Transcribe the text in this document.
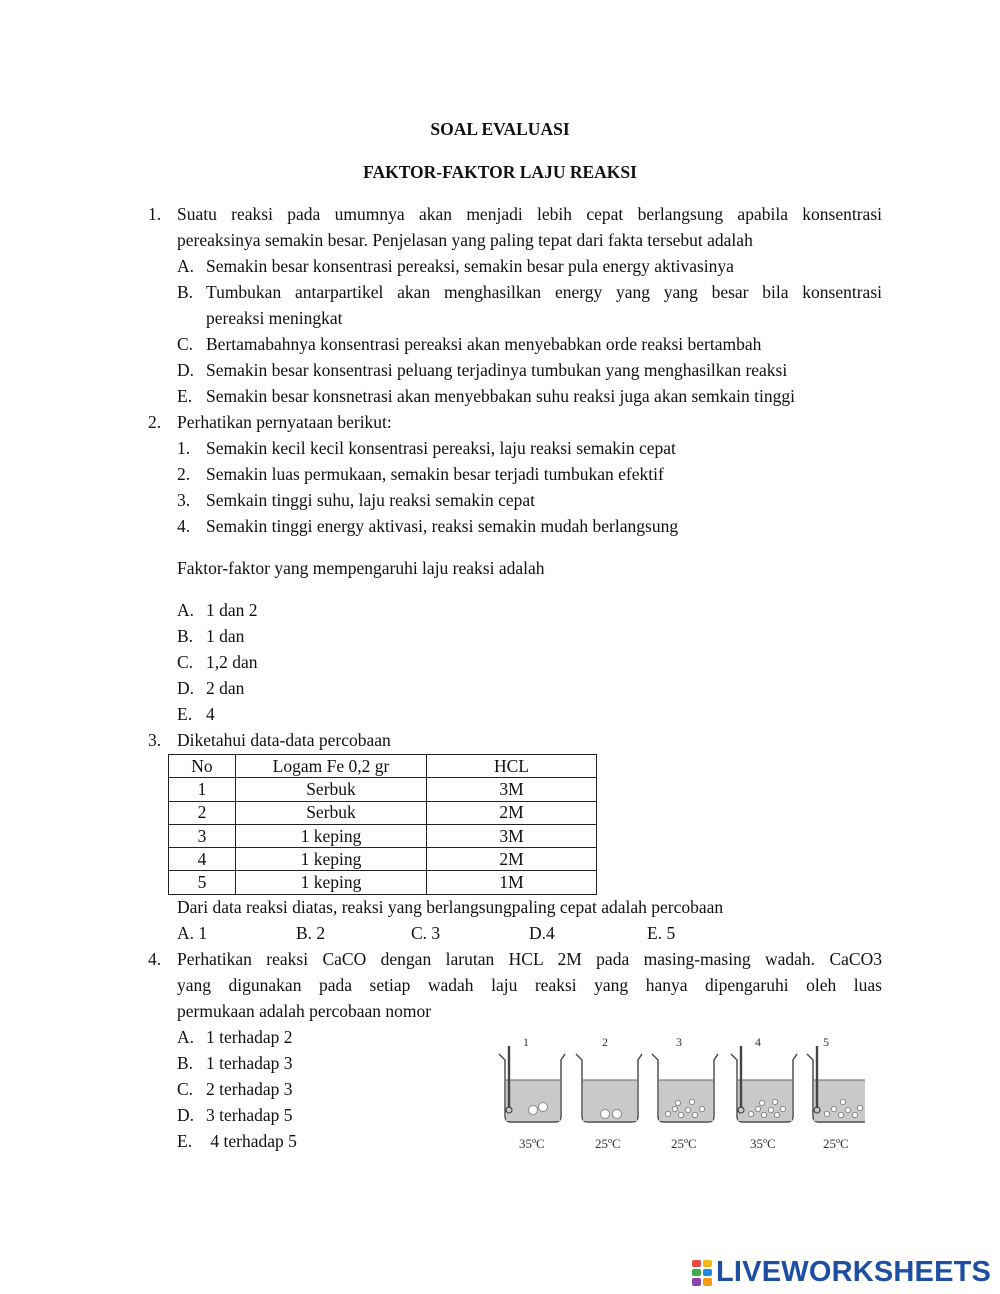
SOAL EVALUASI
FAKTOR-FAKTOR LAJU REAKSI
1. Suatu reaksi pada umumnya akan menjadi lebih cepat berlangsung apabila konsentrasi
pereaksinya semakin besar. Penjelasan yang paling tepat dari fakta tersebut adalah
A. Semakin besar konsentrasi pereaksi, semakin besar pula energy aktivasinya
B. Tumbukan antarpartikel akan menghasilkan energy yang yang besar bila konsentrasi
pereaksi meningkat
C. Bertamabahnya konsentrasi pereaksi akan menyebabkan orde reaksi bertambah
D. Semakin besar konsentrasi peluang terjadinya tumbukan yang menghasilkan reaksi
E. Semakin besar konsnetrasi akan menyebbakan suhu reaksi juga akan semkain tinggi
2. Perhatikan pernyataan berikut:
1. Semakin kecil kecil konsentrasi pereaksi, laju reaksi semakin cepat
2. Semakin luas permukaan, semakin besar terjadi tumbukan efektif
3. Semkain tinggi suhu, laju reaksi semakin cepat
4. Semakin tinggi energy aktivasi, reaksi semakin mudah berlangsung
Faktor-faktor yang mempengaruhi laju reaksi adalah
A. 1 dan 2
B. 1 dan
C. 1,2 dan
D. 2 dan
E. 4
3. Diketahui data-data percobaan
No	Logam Fe 0,2 gr	HCL
1	Serbuk	3M
2	Serbuk	2M
3	1 keping	3M
4	1 keping	2M
5	1 keping	1M
Dari data reaksi diatas, reaksi yang berlangsungpaling cepat adalah percobaan
A. 1	B. 2	C. 3	D.4	E. 5
4. Perhatikan reaksi CaCO dengan larutan HCL 2M pada masing-masing wadah. CaCO3
yang digunakan pada setiap wadah laju reaksi yang hanya dipengaruhi oleh luas
permukaan adalah percobaan nomor
A. 1 terhadap 2
B. 1 terhadap 3
C. 2 terhadap 3
D. 3 terhadap 5
E. 4 terhadap 5
1
35ºC
2
25ºC
3
25ºC
4
35ºC
5
25ºC
LIVEWORKSHEETS
